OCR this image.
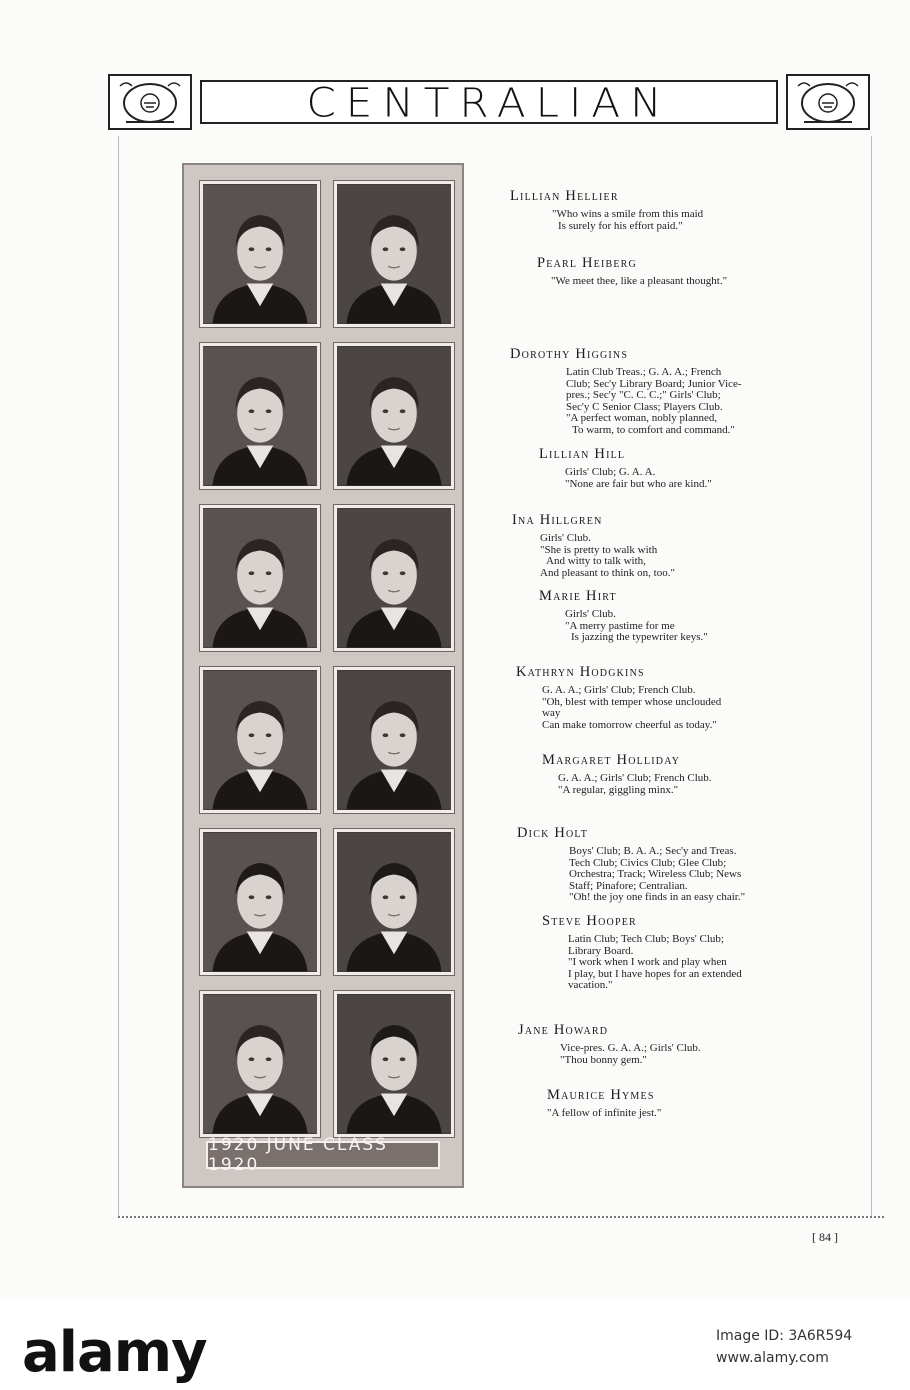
CENTRALIAN
1920 JUNE CLASS 1920
Lillian Hellier
"Who wins a smile from this maid
Is surely for his effort paid."
Pearl Heiberg
"We meet thee, like a pleasant thought."
Dorothy Higgins
Latin Club Treas.; G. A. A.; French
Club; Sec'y Library Board; Junior Vice-
pres.; Sec'y "C. C. C.;" Girls' Club;
Sec'y C Senior Class; Players Club.
"A perfect woman, nobly planned,
To warm, to comfort and command."
Lillian Hill
Girls' Club; G. A. A.
"None are fair but who are kind."
Ina Hillgren
Girls' Club.
"She is pretty to walk with
And witty to talk with,
And pleasant to think on, too."
Marie Hirt
Girls' Club.
"A merry pastime for me
Is jazzing the typewriter keys."
Kathryn Hodgkins
G. A. A.; Girls' Club; French Club.
"Oh, blest with temper whose unclouded
way
Can make tomorrow cheerful as today."
Margaret Holliday
G. A. A.; Girls' Club; French Club.
"A regular, giggling minx."
Dick Holt
Boys' Club; B. A. A.; Sec'y and Treas.
Tech Club; Civics Club; Glee Club;
Orchestra; Track; Wireless Club; News
Staff; Pinafore; Centralian.
"Oh! the joy one finds in an easy chair."
Steve Hooper
Latin Club; Tech Club; Boys' Club;
Library Board.
"I work when I work and play when
I play, but I have hopes for an extended
vacation."
Jane Howard
Vice-pres. G. A. A.; Girls' Club.
"Thou bonny gem."
Maurice Hymes
"A fellow of infinite jest."
[ 84 ]
alamy	Image ID: 3A6R594
www.alamy.com
